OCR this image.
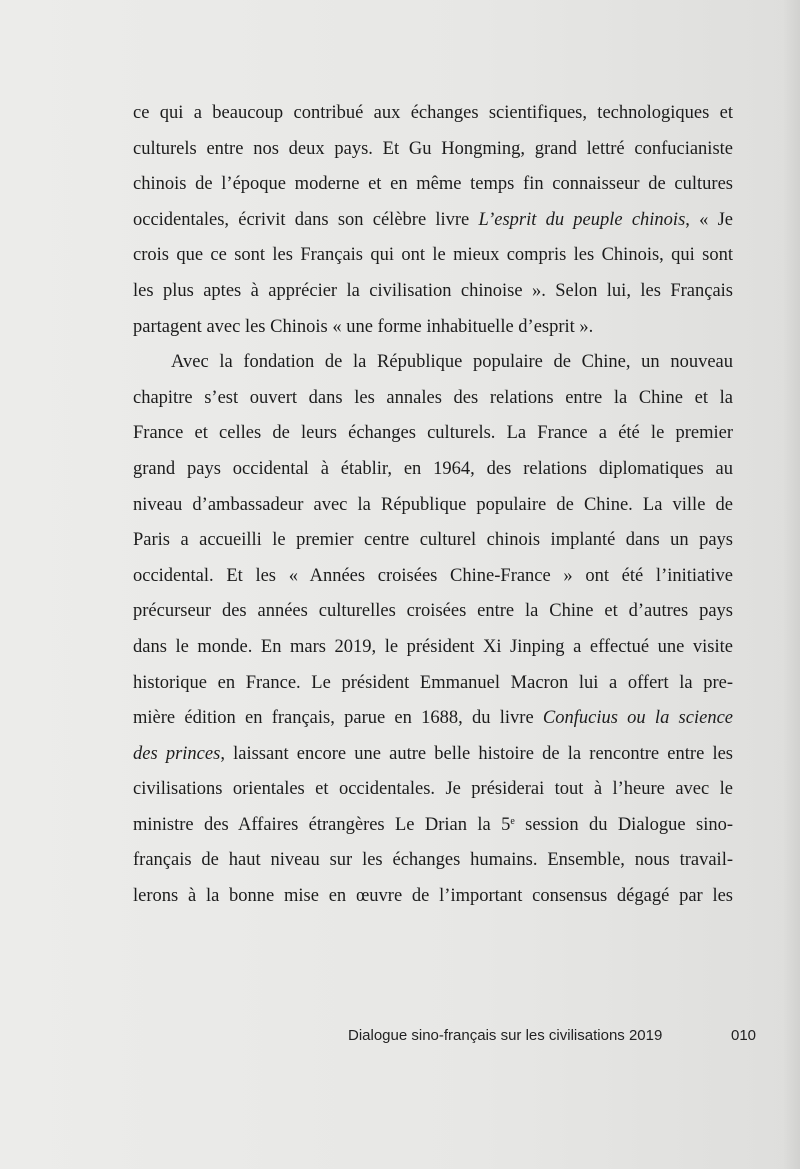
ce qui a beaucoup contribué aux échanges scientifiques, technologiques et
culturels entre nos deux pays. Et Gu Hongming, grand lettré confucianiste
chinois de l’époque moderne et en même temps fin connaisseur de cultures
occidentales, écrivit dans son célèbre livre L’esprit du peuple chinois, « Je
crois que ce sont les Français qui ont le mieux compris les Chinois, qui sont
les plus aptes à apprécier la civilisation chinoise ». Selon lui, les Français
partagent avec les Chinois « une forme inhabituelle d’esprit ».
Avec la fondation de la République populaire de Chine, un nouveau
chapitre s’est ouvert dans les annales des relations entre la Chine et la
France et celles de leurs échanges culturels. La France a été le premier
grand pays occidental à établir, en 1964, des relations diplomatiques au
niveau d’ambassadeur avec la République populaire de Chine. La ville de
Paris a accueilli le premier centre culturel chinois implanté dans un pays
occidental. Et les « Années croisées Chine-France » ont été l’initiative
précurseur des années culturelles croisées entre la Chine et d’autres pays
dans le monde. En mars 2019, le président Xi Jinping a effectué une visite
historique en France. Le président Emmanuel Macron lui a offert la pre-
mière édition en français, parue en 1688, du livre Confucius ou la science
des princes, laissant encore une autre belle histoire de la rencontre entre les
civilisations orientales et occidentales. Je présiderai tout à l’heure avec le
ministre des Affaires étrangères Le Drian la 5e session du Dialogue sino-
français de haut niveau sur les échanges humains. Ensemble, nous travail-
lerons à la bonne mise en œuvre de l’important consensus dégagé par les
Dialogue sino-français sur les civilisations 2019	010
